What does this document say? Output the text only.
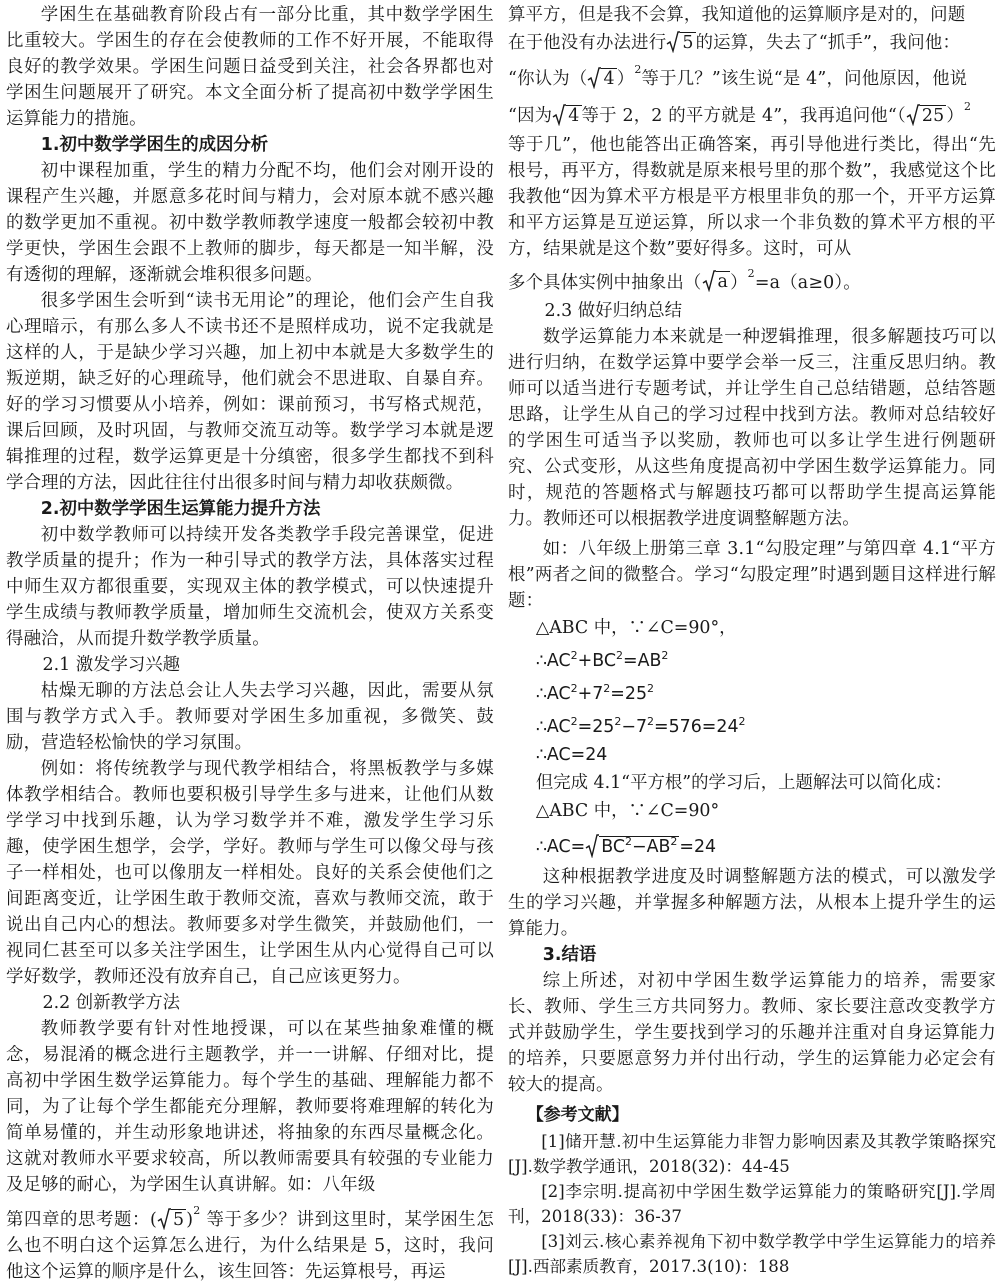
学困生在基础教育阶段占有一部分比重，其中数学学困生比重较大。学困生的存在会使教师的工作不好开展，不能取得良好的教学效果。学困生问题日益受到关注，社会各界都也对学困生问题展开了研究。本文全面分析了提高初中数学学困生运算能力的措施。

1.初中数学学困生的成因分析

初中课程加重，学生的精力分配不均，他们会对刚开设的课程产生兴趣，并愿意多花时间与精力，会对原本就不感兴趣的数学更加不重视。初中数学教师教学速度一般都会较初中教学更快，学困生会跟不上教师的脚步，每天都是一知半解，没有透彻的理解，逐渐就会堆积很多问题。

很多学困生会听到“读书无用论”的理论，他们会产生自我心理暗示，有那么多人不读书还不是照样成功，说不定我就是这样的人，于是缺少学习兴趣，加上初中本就是大多数学生的叛逆期，缺乏好的心理疏导，他们就会不思进取、自暴自弃。好的学习习惯要从小培养，例如：课前预习，书写格式规范，课后回顾，及时巩固，与教师交流互动等。数学学习本就是逻辑推理的过程，数学运算更是十分缜密，很多学生都找不到科学合理的方法，因此往往付出很多时间与精力却收获颇微。

2.初中数学学困生运算能力提升方法

初中数学教师可以持续开发各类教学手段完善课堂，促进教学质量的提升；作为一种引导式的教学方法，具体落实过程中师生双方都很重要，实现双主体的教学模式，可以快速提升学生成绩与教师教学质量，增加师生交流机会，使双方关系变得融洽，从而提升数学教学质量。

2.1 激发学习兴趣

枯燥无聊的方法总会让人失去学习兴趣，因此，需要从氛围与教学方式入手。教师要对学困生多加重视，多微笑、鼓励，营造轻松愉快的学习氛围。

例如：将传统教学与现代教学相结合，将黑板教学与多媒体教学相结合。教师也要积极引导学生多与进来，让他们从数学学习中找到乐趣，认为学习数学并不难，激发学生学习乐趣，使学困生想学，会学，学好。教师与学生可以像父母与孩子一样相处，也可以像朋友一样相处。良好的关系会使他们之间距离变近，让学困生敢于教师交流，喜欢与教师交流，敢于说出自己内心的想法。教师要多对学生微笑，并鼓励他们，一视同仁甚至可以多关注学困生，让学困生从内心觉得自己可以学好数学，教师还没有放弃自己，自己应该更努力。

2.2 创新教学方法

教师教学要有针对性地授课，可以在某些抽象难懂的概念，易混淆的概念进行主题教学，并一一讲解、仔细对比，提高初中学困生数学运算能力。每个学生的基础、理解能力都不同，为了让每个学生都能充分理解，教师要将难理解的转化为简单易懂的，并生动形象地讲述，将抽象的东西尽量概念化。这就对教师水平要求较高，所以教师需要具有较强的专业能力及足够的耐心，为学困生认真讲解。如：八年级

第四章的思考题：( 5 )$^2$ 等于多少？讲到这里时，某学困生怎么也不明白这个运算怎么进行，为什么结果是 5，这时，我问他这个运算的顺序是什么，该生回答：先运算根号，再运

算平方，但是我不会算，我知道他的运算顺序是对的，问题

在于他没有办法进行 5 的运算，失去了“抓手”，我问他：

“你认为（ 4 ）$^2$等于几？”该生说“是 4”，问他原因，他说

“因为 4 等于 2，2 的平方就是 4”，我再追问他“（ 25 ）$^2$

等于几”，他也能答出正确答案，再引导他进行类比，得出“先根号，再平方，得数就是原来根号里的那个数”，我感觉这个比我教他“因为算术平方根是平方根里非负的那一个，开平方运算和平方运算是互逆运算，所以求一个非负数的算术平方根的平方，结果就是这个数”要好得多。这时，可从

多个具体实例中抽象出（ a ）$^2$=a（a≥0）。

2.3 做好归纳总结

数学运算能力本来就是一种逻辑推理，很多解题技巧可以进行归纳，在数学运算中要学会举一反三，注重反思归纳。教师可以适当进行专题考试，并让学生自己总结错题，总结答题思路，让学生从自己的学习过程中找到方法。教师对总结较好的学困生可适当予以奖励，教师也可以多让学生进行例题研究、公式变形，从这些角度提高初中学困生数学运算能力。同时，规范的答题格式与解题技巧都可以帮助学生提高运算能力。教师还可以根据教学进度调整解题方法。

如：八年级上册第三章 3.1“勾股定理”与第四章 4.1“平方根”两者之间的微整合。学习“勾股定理”时遇到题目这样进行解题：

△ABC 中，∵∠C=90°，
$\therefore AC^2+BC^2=AB^2$
$\therefore AC^2+7^2=25^2$
$\therefore AC^2=25^2-7^2=576=24^2$
∴AC=24
但完成 4.1“平方根”的学习后，上题解法可以简化成：
△ABC 中，∵∠C=90°
∴AC= $BC^2-AB^2 =24$

这种根据教学进度及时调整解题方法的模式，可以激发学生的学习兴趣，并掌握多种解题方法，从根本上提升学生的运算能力。

3.结语

综上所述，对初中学困生数学运算能力的培养，需要家长、教师、学生三方共同努力。教师、家长要注意改变教学方式并鼓励学生，学生要找到学习的乐趣并注重对自身运算能力的培养，只要愿意努力并付出行动，学生的运算能力必定会有较大的提高。

【参考文献】

[1]储开慧.初中生运算能力非智力影响因素及其教学策略探究[J].数学教学通讯，2018(32)：44-45

[2]李宗明.提高初中学困生数学运算能力的策略研究[J].学周刊，2018(33)：36-37

[3]刘云.核心素养视角下初中数学教学中学生运算能力的培养[J].西部素质教育，2017.3(10)：188
